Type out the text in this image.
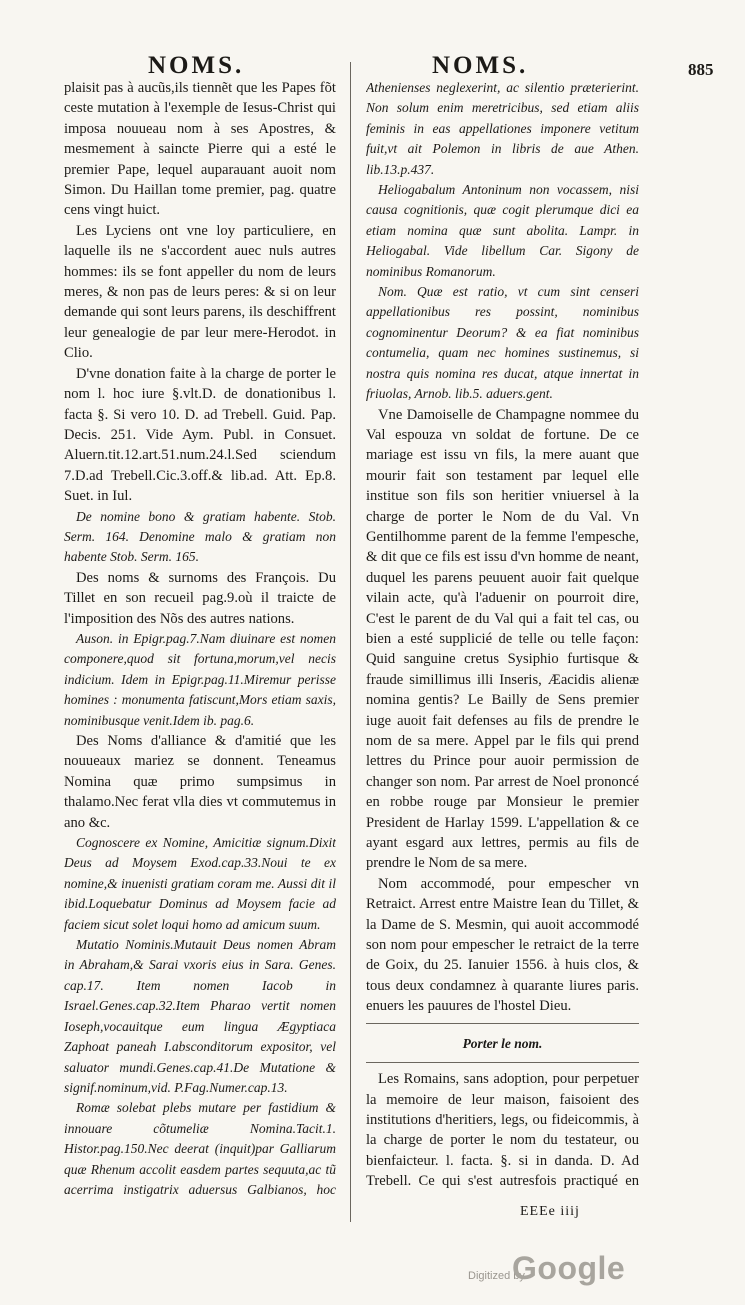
NOMS.	NOMS.	885

plaisit pas à aucũs,ils tiennẽt que les Papes fõt ceste mutation à l'exemple de Iesus-Christ qui imposa nouueau nom à ses Apostres, & mesmement à saincte Pierre qui a esté le premier Pape, lequel auparauant auoit nom Simon. Du Haillan tome premier, pag. quatre cens vingt huict.

Les Lyciens ont vne loy particuliere, en laquelle ils ne s'accordent auec nuls autres hommes: ils se font appeller du nom de leurs meres, & non pas de leurs peres: & si on leur demande qui sont leurs parens, ils deschiffrent leur genealogie de par leur mere-Herodot. in Clio.

D'vne donation faite à la charge de porter le nom l. hoc iure §.vlt.D. de donationibus l. facta §. Si vero 10. D. ad Trebell. Guid. Pap. Decis. 251. Vide Aym. Publ. in Consuet. Aluern.tit.12.art.51.num.24.l.Sed sciendum 7.D.ad Trebell.Cic.3.off.& lib.ad. Att. Ep.8. Suet. in Iul.

De nomine bono & gratiam habente. Stob. Serm. 164. Denomine malo & gratiam non habente Stob. Serm. 165.

Des noms & surnoms des François. Du Tillet en son recueil pag.9.où il traicte de l'imposition des Nõs des autres nations.

Auson. in Epigr.pag.7.Nam diuinare est nomen componere,quod sit fortuna,morum,vel necis indicium. Idem in Epigr.pag.11.Miremur perisse homines : monumenta fatiscunt,Mors etiam saxis, nominibusque venit.Idem ib. pag.6.

Des Noms d'alliance & d'amitié que les nouueaux mariez se donnent. Teneamus Nomina quæ primo sumpsimus in thalamo.Nec ferat vlla dies vt commutemus in ano &c.

Cognoscere ex Nomine, Amicitiæ signum.Dixit Deus ad Moysem Exod.cap.33.Noui te ex nomine,& inuenisti gratiam coram me. Aussi dit il ibid.Loquebatur Dominus ad Moysem facie ad faciem sicut solet loqui homo ad amicum suum.

Mutatio Nominis.Mutauit Deus nomen Abram in Abraham,& Sarai vxoris eius in Sara. Genes. cap.17. Item nomen Iacob in Israel.Genes.cap.32.Item Pharao vertit nomen Ioseph,vocauitque eum lingua Ægyptiaca Zaphoat paneah I.absconditorum expositor, vel saluator mundi.Genes.cap.41.De Mutatione & signif.nominum,vid. P.Fag.Numer.cap.13.

Romæ solebat plebs mutare per fastidium & innouare cõtumeliæ Nomina.Tacit.1. Histor.pag.150.Nec deerat (inquit)par Galliarum quæ Rhenum accolit easdem partes sequuta,ac tũ acerrima instigatrix aduersus Galbianos, hoc

Athenienses neglexerint, ac silentio præterierint. Non solum enim meretricibus, sed etiam aliis feminis in eas appellationes imponere vetitum fuit,vt ait Polemon in libris de aue Athen. lib.13.p.437.

Heliogabalum Antoninum non vocassem, nisi causa cognitionis, quæ cogit plerumque dici ea etiam nomina quæ sunt abolita. Lampr. in Heliogabal. Vide libellum Car. Sigony de nominibus Romanorum.

Nom. Quæ est ratio, vt cum sint censeri appellationibus res possint, nominibus cognominentur Deorum? & ea fiat nominibus contumelia, quam nec homines sustinemus, si nostra quis nomina res ducat, atque innertat in friuolas, Arnob. lib.5. aduers.gent.

Vne Damoiselle de Champagne nommee du Val espouza vn soldat de fortune. De ce mariage est issu vn fils, la mere auant que mourir fait son testament par lequel elle institue son fils son heritier vniuersel à la charge de porter le Nom de du Val. Vn Gentilhomme parent de la femme l'empesche, & dit que ce fils est issu d'vn homme de neant, duquel les parens peuuent auoir fait quelque vilain acte, qu'à l'aduenir on pourroit dire, C'est le parent de du Val qui a fait tel cas, ou bien a esté supplicié de telle ou telle façon: Quid sanguine cretus Sysiphio furtisque & fraude simillimus illi Inseris, Æacidis alienæ nomina gentis? Le Bailly de Sens premier iuge auoit fait defenses au fils de prendre le nom de sa mere. Appel par le fils qui prend lettres du Prince pour auoir permission de changer son nom. Par arrest de Noel prononcé en robbe rouge par Monsieur le premier President de Harlay 1599. L'appellation & ce ayant esgard aux lettres, permis au fils de prendre le Nom de sa mere.

Nom accommodé, pour empescher vn Retraict. Arrest entre Maistre Iean du Tillet, & la Dame de S. Mesmin, qui auoit accommodé son nom pour empescher le retraict de la terre de Goix, du 25. Ianuier 1556. à huis clos, & tous deux condamnez à quarante liures paris. enuers les pauures de l'hostel Dieu.

Porter le nom.

Les Romains, sans adoption, pour perpetuer la memoire de leur maison, faisoient des institutions d'heritiers, legs, ou fideicommis, à la charge de porter le nom du testateur, ou bienfaicteur. l. facta. §. si in danda. D. Ad Trebell. Ce qui s'est autresfois practiqué en

EEEe iiij
Digitized by
Google
